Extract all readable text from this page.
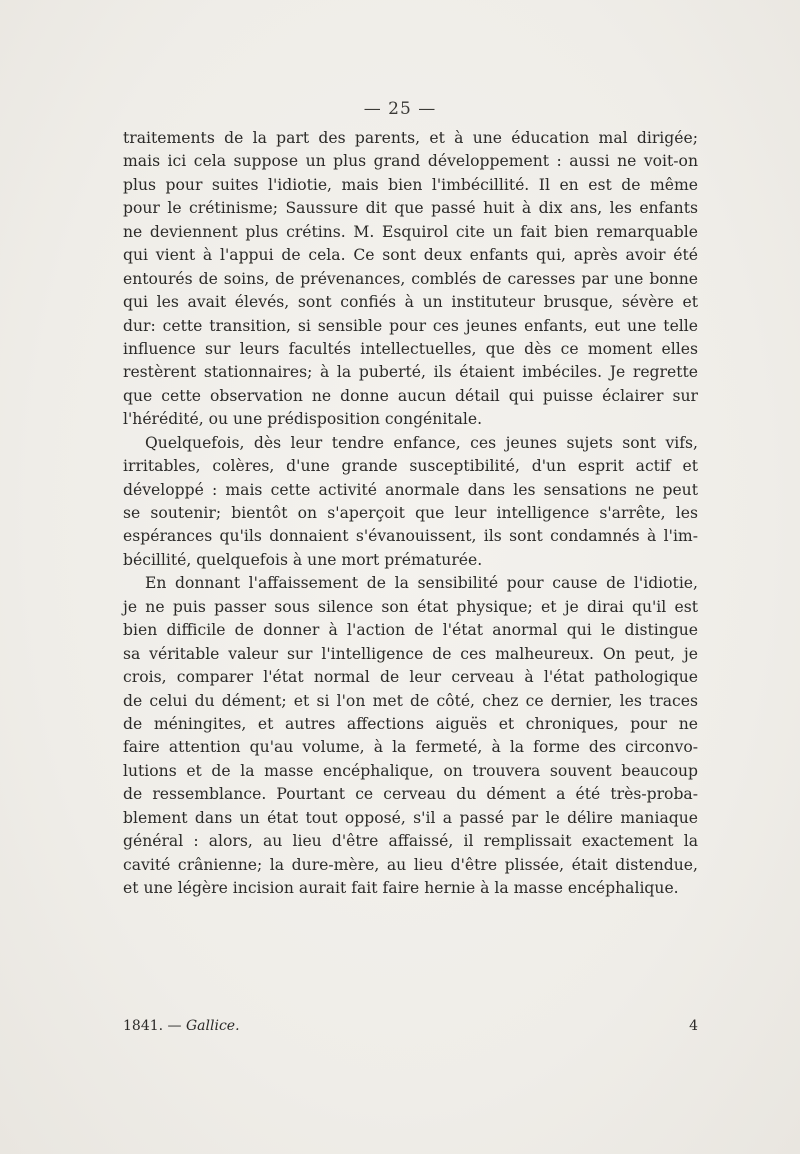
— 25 —
traitements de la part des parents, et à une éducation mal dirigée;
mais ici cela suppose un plus grand développement : aussi ne voit-on
plus pour suites l'idiotie, mais bien l'imbécillité. Il en est de même
pour le crétinisme; Saussure dit que passé huit à dix ans, les enfants
ne deviennent plus crétins. M. Esquirol cite un fait bien remarquable
qui vient à l'appui de cela. Ce sont deux enfants qui, après avoir été
entourés de soins, de prévenances, comblés de caresses par une bonne
qui les avait élevés, sont confiés à un instituteur brusque, sévère et
dur: cette transition, si sensible pour ces jeunes enfants, eut une telle
influence sur leurs facultés intellectuelles, que dès ce moment elles
restèrent stationnaires; à la puberté, ils étaient imbéciles. Je regrette
que cette observation ne donne aucun détail qui puisse éclairer sur
l'hérédité, ou une prédisposition congénitale.
Quelquefois, dès leur tendre enfance, ces jeunes sujets sont vifs,
irritables, colères, d'une grande susceptibilité, d'un esprit actif et
développé : mais cette activité anormale dans les sensations ne peut
se soutenir; bientôt on s'aperçoit que leur intelligence s'arrête, les
espérances qu'ils donnaient s'évanouissent, ils sont condamnés à l'im-
bécillité, quelquefois à une mort prématurée.
En donnant l'affaissement de la sensibilité pour cause de l'idiotie,
je ne puis passer sous silence son état physique; et je dirai qu'il est
bien difficile de donner à l'action de l'état anormal qui le distingue
sa véritable valeur sur l'intelligence de ces malheureux. On peut, je
crois, comparer l'état normal de leur cerveau à l'état pathologique
de celui du dément; et si l'on met de côté, chez ce dernier, les traces
de méningites, et autres affections aiguës et chroniques, pour ne
faire attention qu'au volume, à la fermeté, à la forme des circonvo-
lutions et de la masse encéphalique, on trouvera souvent beaucoup
de ressemblance. Pourtant ce cerveau du dément a été très-proba-
blement dans un état tout opposé, s'il a passé par le délire maniaque
général : alors, au lieu d'être affaissé, il remplissait exactement la
cavité crânienne; la dure-mère, au lieu d'être plissée, était distendue,
et une légère incision aurait fait faire hernie à la masse encéphalique.
1841. — Gallice.	4
